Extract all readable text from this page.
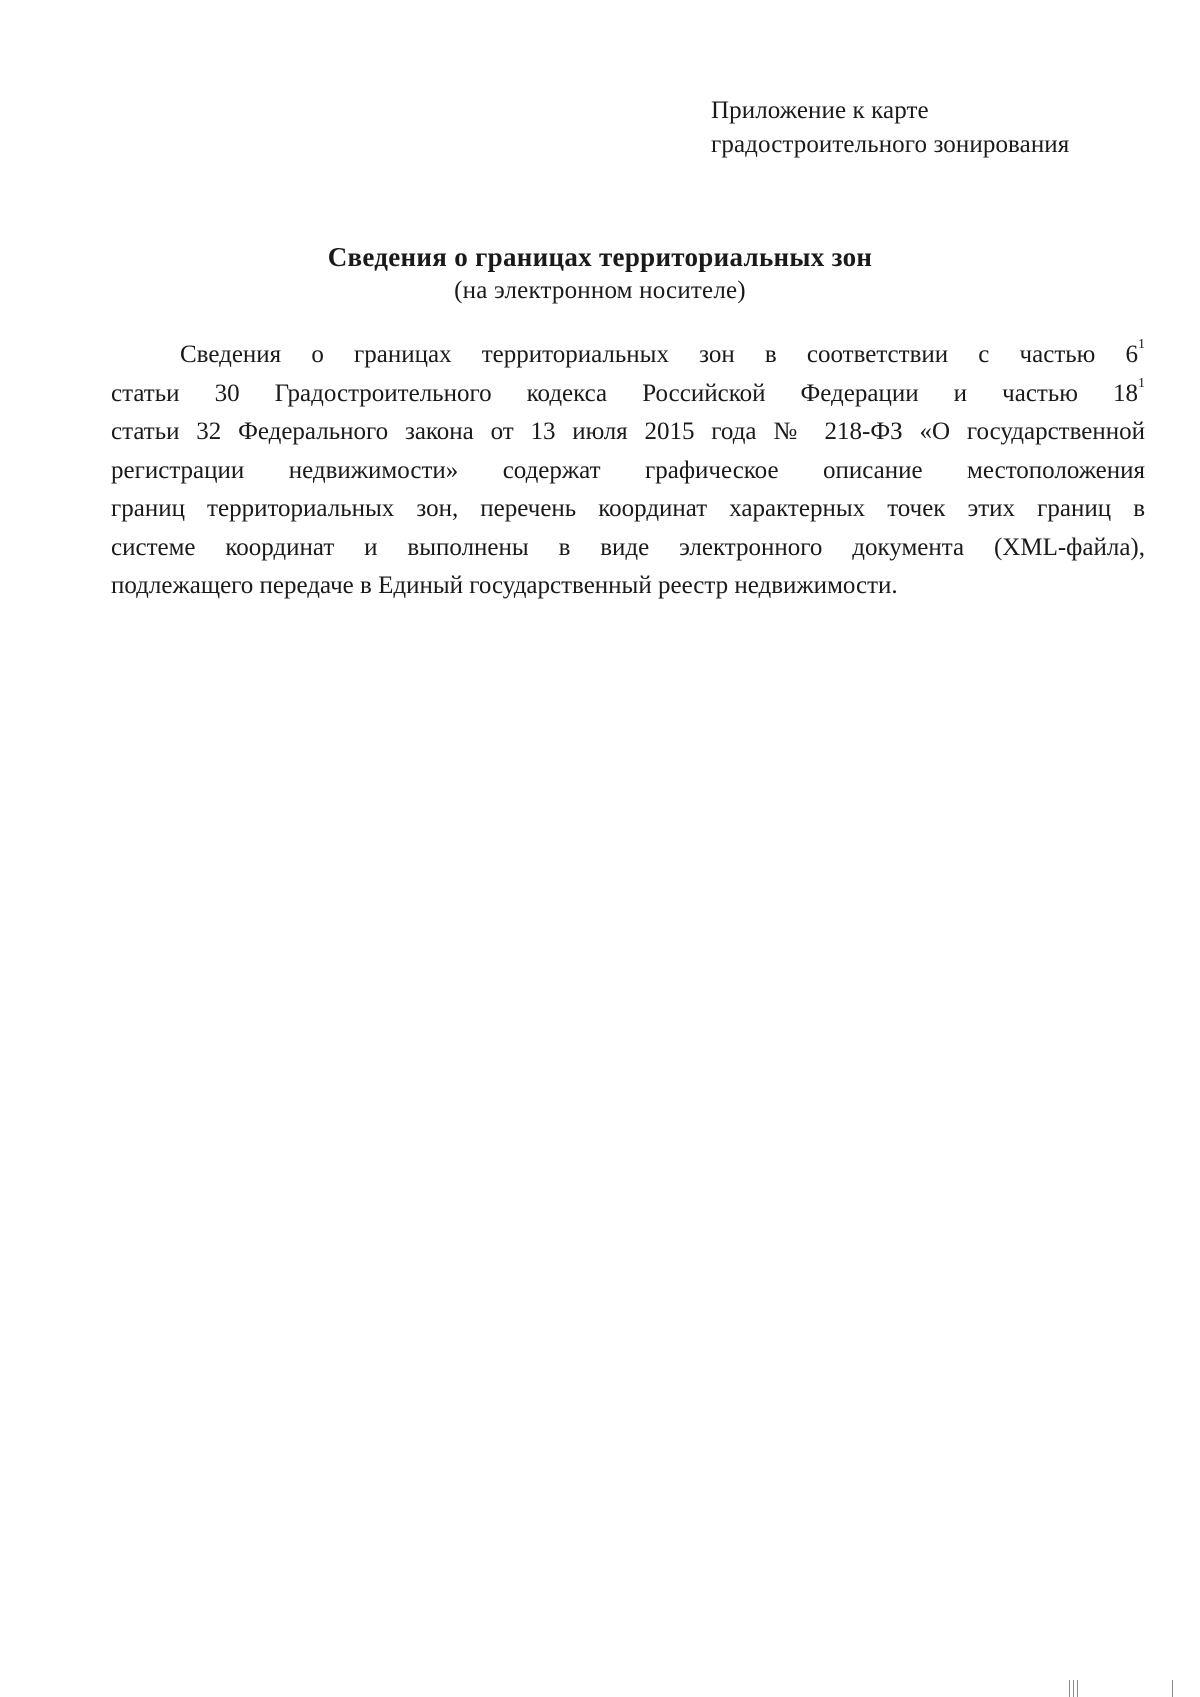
Приложение к карте
градостроительного зонирования
Сведения о границах территориальных зон
(на электронном носителе)
Сведения о границах территориальных зон в соответствии с частью $6^1$
статьи 30 Градостроительного кодекса Российской Федерации и частью $18^1$
статьи 32 Федерального закона от 13 июля 2015 года № 218-ФЗ «О государственной
регистрации недвижимости» содержат графическое описание местоположения
границ территориальных зон, перечень координат характерных точек этих границ в
системе координат и выполнены в виде электронного документа (XML-файла),
подлежащего передаче в Единый государственный реестр недвижимости.
